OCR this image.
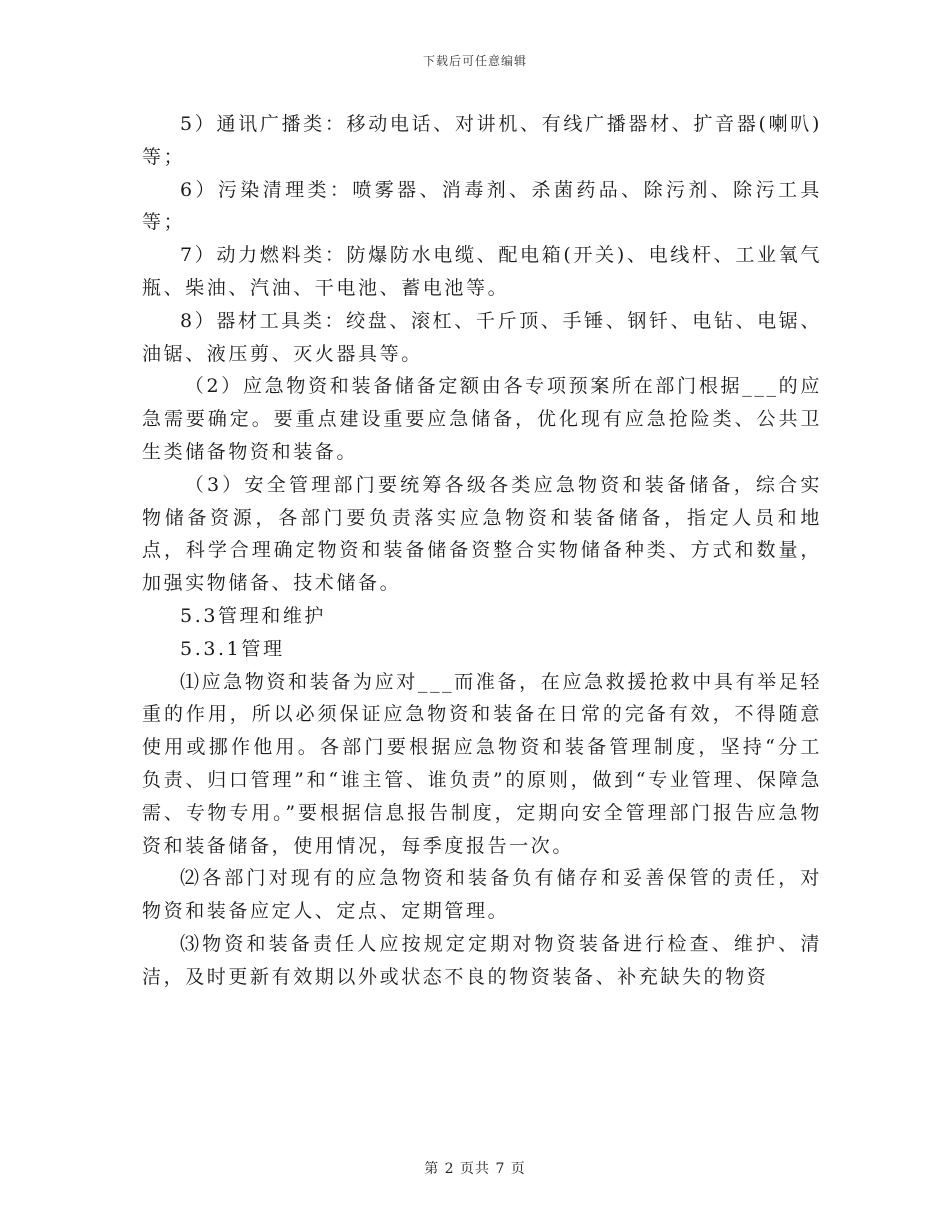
下载后可任意编辑

5）通讯广播类：移动电话、对讲机、有线广播器材、扩音器(喇叭)等；

6）污染清理类：喷雾器、消毒剂、杀菌药品、除污剂、除污工具等；

7）动力燃料类：防爆防水电缆、配电箱(开关)、电线杆、工业氧气瓶、柴油、汽油、干电池、蓄电池等。

8）器材工具类：绞盘、滚杠、千斤顶、手锤、钢钎、电钻、电锯、油锯、液压剪、灭火器具等。

（2）应急物资和装备储备定额由各专项预案所在部门根据___的应急需要确定。要重点建设重要应急储备，优化现有应急抢险类、公共卫生类储备物资和装备。

（3）安全管理部门要统筹各级各类应急物资和装备储备，综合实物储备资源，各部门要负责落实应急物资和装备储备，指定人员和地点，科学合理确定物资和装备储备资整合实物储备种类、方式和数量，加强实物储备、技术储备。

5.3管理和维护

5.3.1管理

⑴应急物资和装备为应对___而准备，在应急救援抢救中具有举足轻重的作用，所以必须保证应急物资和装备在日常的完备有效，不得随意使用或挪作他用。各部门要根据应急物资和装备管理制度，坚持“分工负责、归口管理”和“谁主管、谁负责”的原则，做到“专业管理、保障急需、专物专用。”要根据信息报告制度，定期向安全管理部门报告应急物资和装备储备，使用情况，每季度报告一次。

⑵各部门对现有的应急物资和装备负有储存和妥善保管的责任，对物资和装备应定人、定点、定期管理。

⑶物资和装备责任人应按规定定期对物资装备进行检查、维护、清洁，及时更新有效期以外或状态不良的物资装备、补充缺失的物资

第 2 页共 7 页
